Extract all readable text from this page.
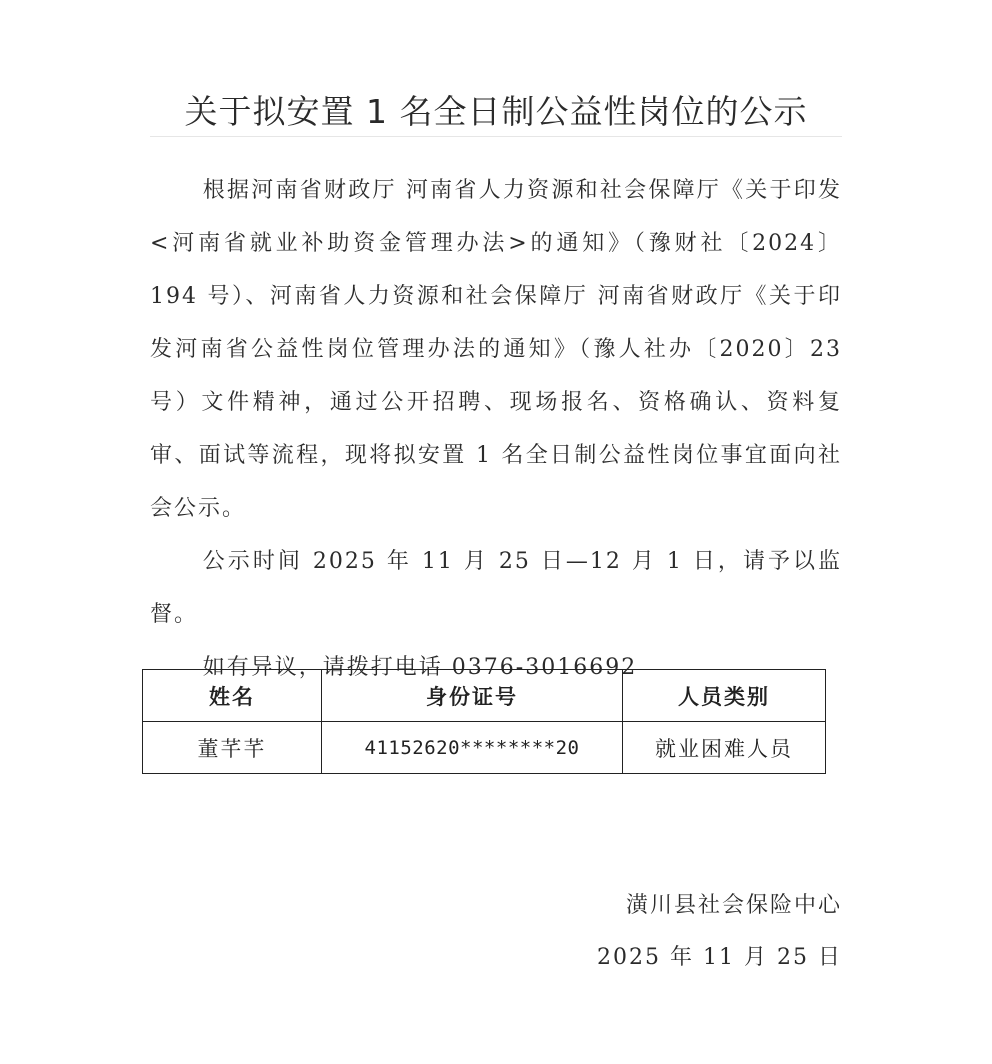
关于拟安置 1 名全日制公益性岗位的公示

根据河南省财政厅 河南省人力资源和社会保障厅《关于印发<河南省就业补助资金管理办法>的通知》（豫财社〔2024〕194 号）、河南省人力资源和社会保障厅 河南省财政厅《关于印发河南省公益性岗位管理办法的通知》（豫人社办〔2020〕23 号）文件精神，通过公开招聘、现场报名、资格确认、资料复审、面试等流程，现将拟安置 1 名全日制公益性岗位事宜面向社会公示。

公示时间 2025 年 11 月 25 日—12 月 1 日，请予以监督。

如有异议，请拨打电话 0376-3016692

姓名	身份证号	人员类别
董芊芊	41152620********20	就业困难人员
潢川县社会保险中心
2025 年 11 月 25 日
